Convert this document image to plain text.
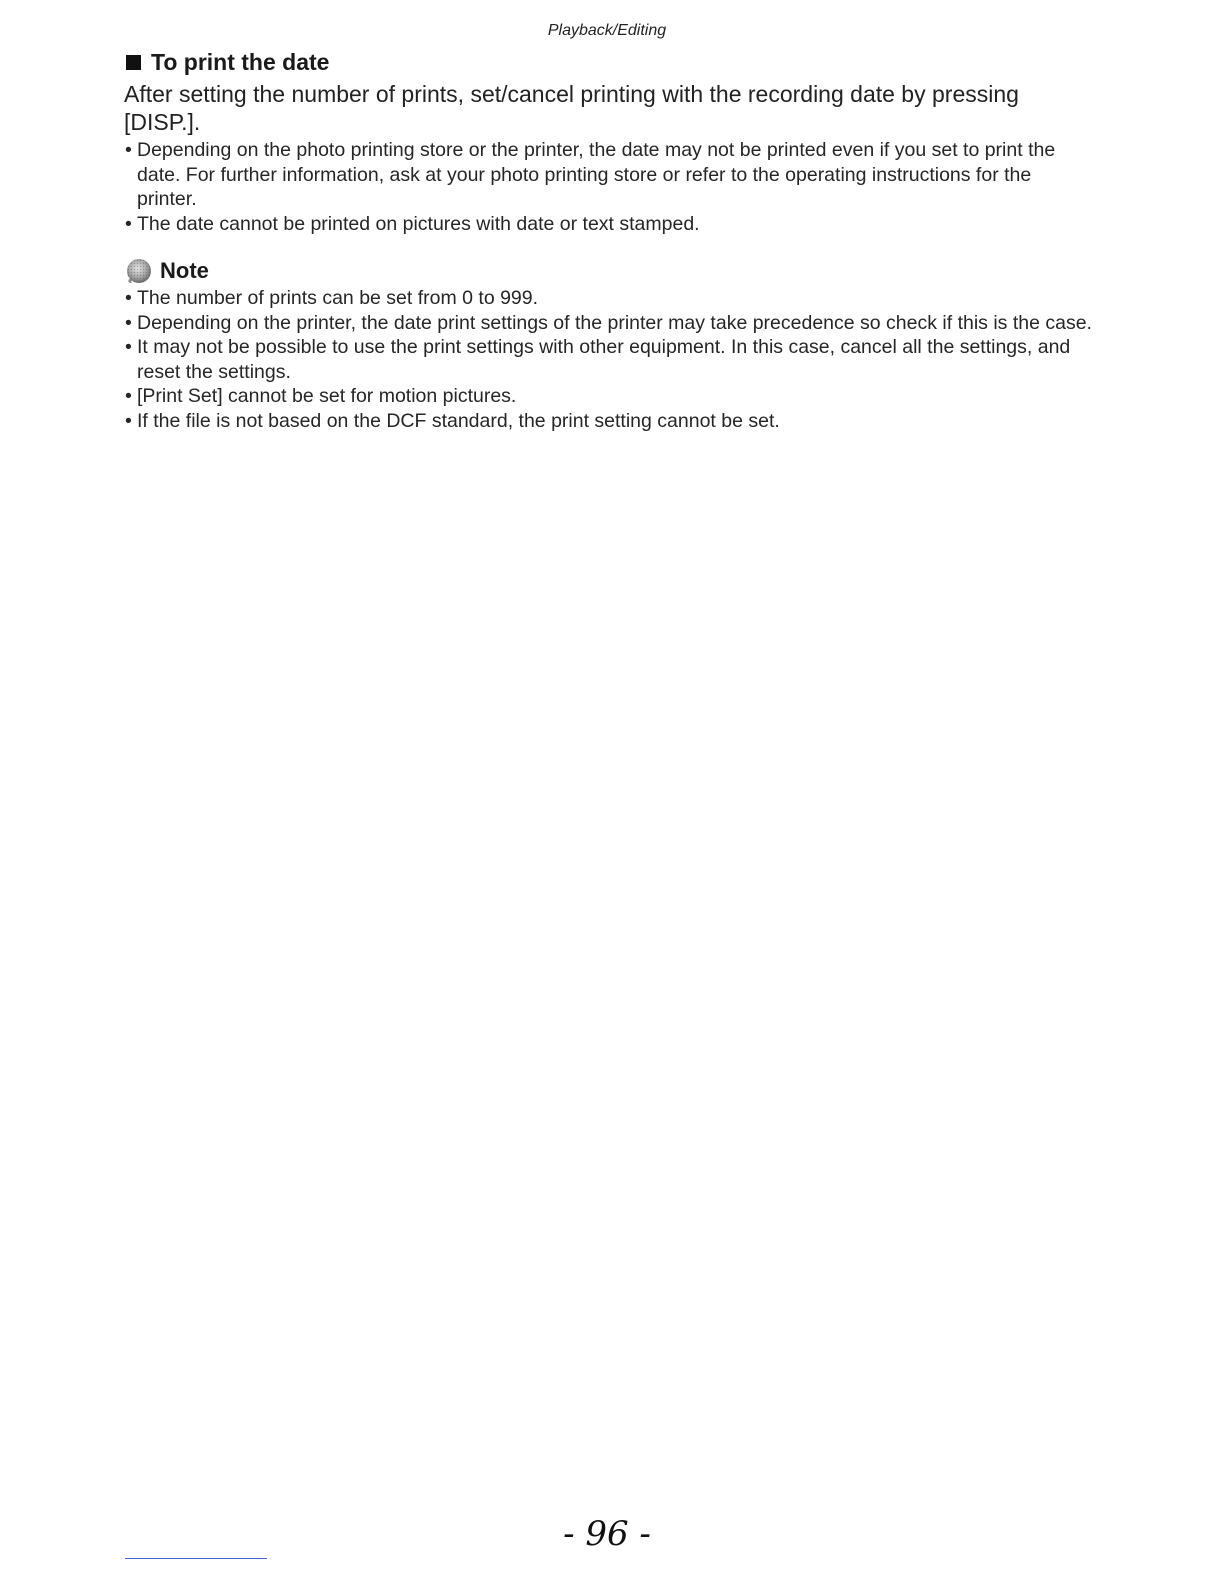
Playback/Editing
To print the date

After setting the number of prints, set/cancel printing with the recording date by pressing [DISP.].

• Depending on the photo printing store or the printer, the date may not be printed even if you set to print the date. For further information, ask at your photo printing store or refer to the operating instructions for the printer.
• The date cannot be printed on pictures with date or text stamped.
Note
• The number of prints can be set from 0 to 999.
• Depending on the printer, the date print settings of the printer may take precedence so check if this is the case.
• It may not be possible to use the print settings with other equipment. In this case, cancel all the settings, and reset the settings.
• [Print Set] cannot be set for motion pictures.
• If the file is not based on the DCF standard, the print setting cannot be set.
- 96 -
